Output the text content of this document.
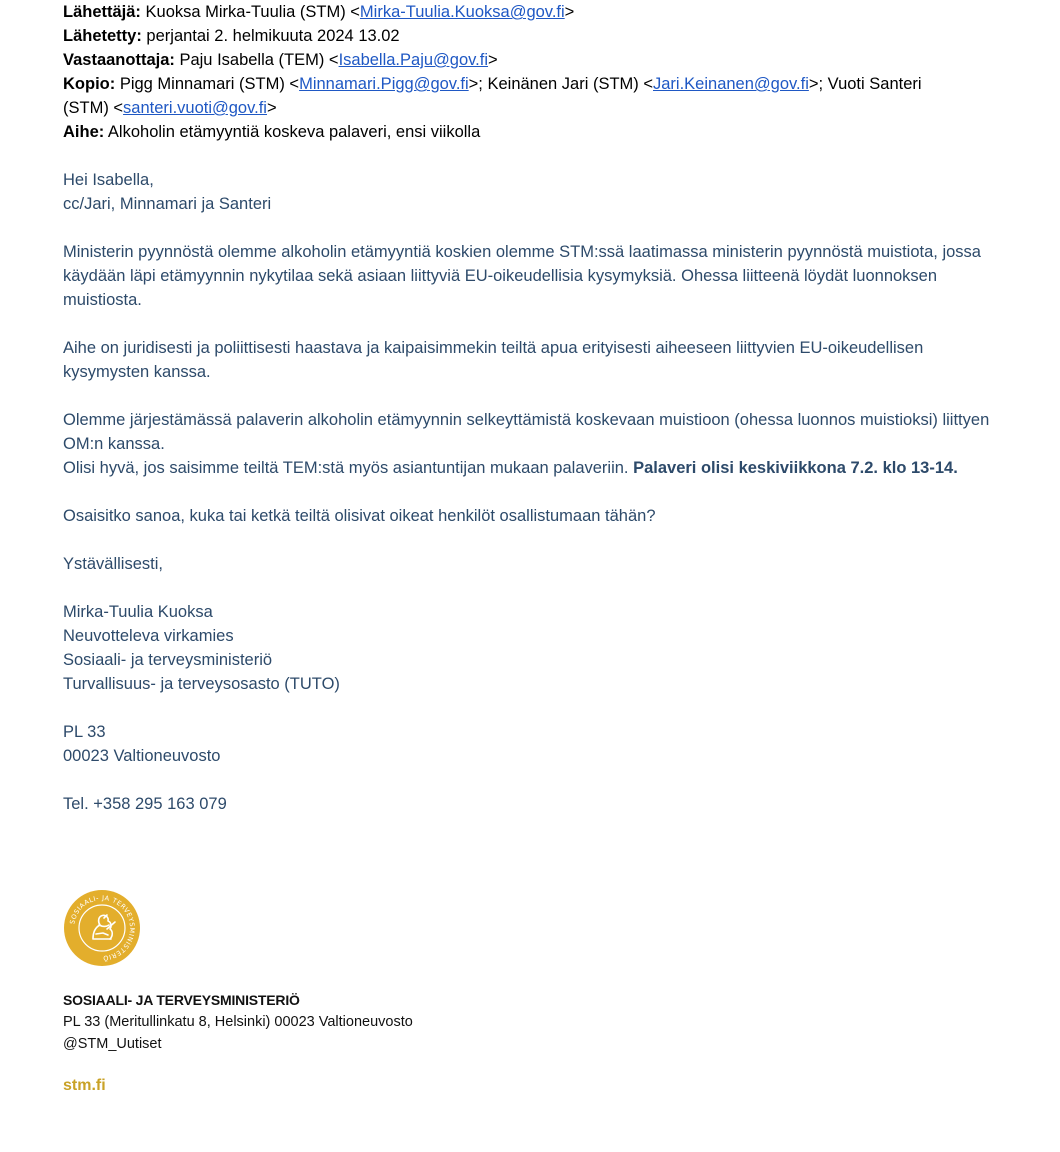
Lähettäjä: Kuoksa Mirka-Tuulia (STM) <Mirka-Tuulia.Kuoksa@gov.fi>
Lähetetty: perjantai 2. helmikuuta 2024 13.02
Vastaanottaja: Paju Isabella (TEM) <Isabella.Paju@gov.fi>
Kopio: Pigg Minnamari (STM) <Minnamari.Pigg@gov.fi>; Keinänen Jari (STM) <Jari.Keinanen@gov.fi>; Vuoti Santeri
(STM) <santeri.vuoti@gov.fi>
Aihe: Alkoholin etämyyntiä koskeva palaveri, ensi viikolla

Hei Isabella,

cc/Jari, Minnamari ja Santeri

Ministerin pyynnöstä olemme alkoholin etämyyntiä koskien olemme STM:ssä laatimassa ministerin pyynnöstä muistiota, jossa käydään läpi etämyynnin nykytilaa sekä asiaan liittyviä EU-oikeudellisia kysymyksiä. Ohessa liitteenä löydät luonnoksen muistiosta.

Aihe on juridisesti ja poliittisesti haastava ja kaipaisimmekin teiltä apua erityisesti aiheeseen liittyvien EU-oikeudellisen kysymysten kanssa.

Olemme järjestämässä palaverin alkoholin etämyynnin selkeyttämistä koskevaan muistioon (ohessa luonnos muistioksi) liittyen OM:n kanssa.

Olisi hyvä, jos saisimme teiltä TEM:stä myös asiantuntijan mukaan palaveriin. Palaveri olisi keskiviikkona 7.2. klo 13-14.

Osaisitko sanoa, kuka tai ketkä teiltä olisivat oikeat henkilöt osallistumaan tähän?

Ystävällisesti,

Mirka-Tuulia Kuoksa

Neuvotteleva virkamies

Sosiaali- ja terveysministeriö

Turvallisuus- ja terveysosasto (TUTO)

PL 33

00023 Valtioneuvosto

Tel. +358 295 163 079

SOSIAALI- JA TERVEYSMINISTERIÖ
SOSIAALI- JA TERVEYSMINISTERIÖ
PL 33 (Meritullinkatu 8, Helsinki) 00023 Valtioneuvosto
@STM_Uutiset
stm.fi
